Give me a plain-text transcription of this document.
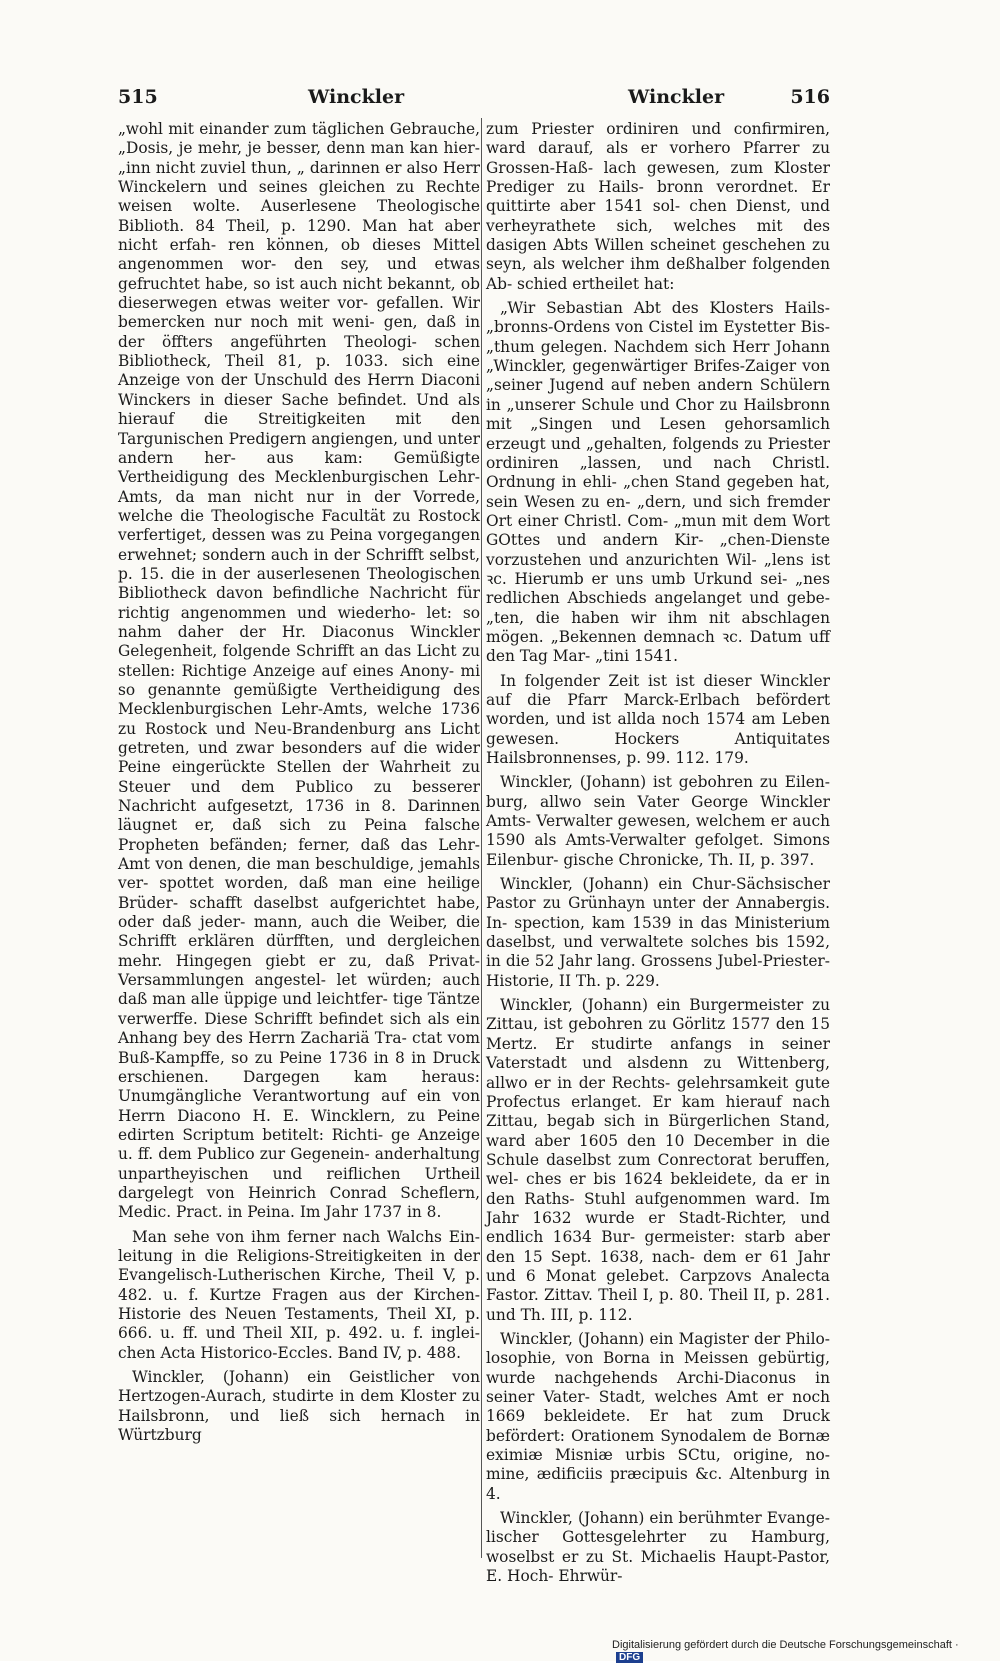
515	Winckler	Winckler	516

„wohl mit einander zum täglichen Gebrauche, „Dosis, je mehr, je besser, denn man kan hier- „inn nicht zuviel thun, „ darinnen er also Herr Winckelern und seines gleichen zu Rechte weisen wolte. Auserlesene Theologische Biblioth. 84 Theil, p. 1290. Man hat aber nicht erfah- ren können, ob dieses Mittel angenommen wor- den sey, und etwas gefruchtet habe, so ist auch nicht bekannt, ob dieserwegen etwas weiter vor- gefallen. Wir bemercken nur noch mit weni- gen, daß in der öffters angeführten Theologi- schen Bibliotheck, Theil 81, p. 1033. sich eine Anzeige von der Unschuld des Herrn Diaconi Winckers in dieser Sache befindet. Und als hierauf die Streitigkeiten mit den Targunischen Predigern angiengen, und unter andern her- aus kam: Gemüßigte Vertheidigung des Mecklenburgischen Lehr-Amts, da man nicht nur in der Vorrede, welche die Theologische Facultät zu Rostock verfertiget, dessen was zu Peina vorgegangen erwehnet; sondern auch in der Schrifft selbst, p. 15. die in der auserlesenen Theologischen Bibliotheck davon befindliche Nachricht für richtig angenommen und wiederho- let: so nahm daher der Hr. Diaconus Winckler Gelegenheit, folgende Schrifft an das Licht zu stellen: Richtige Anzeige auf eines Anony- mi so genannte gemüßigte Vertheidigung des Mecklenburgischen Lehr-Amts, welche 1736 zu Rostock und Neu-Brandenburg ans Licht getreten, und zwar besonders auf die wider Peine eingerückte Stellen der Wahrheit zu Steuer und dem Publico zu besserer Nachricht aufgesetzt, 1736 in 8. Darinnen läugnet er, daß sich zu Peina falsche Propheten befänden; ferner, daß das Lehr-Amt von denen, die man beschuldige, jemahls ver- spottet worden, daß man eine heilige Brüder- schafft daselbst aufgerichtet habe, oder daß jeder- mann, auch die Weiber, die Schrifft erklären dürfften, und dergleichen mehr. Hingegen giebt er zu, daß Privat-Versammlungen angestel- let würden; auch daß man alle üppige und leichtfer- tige Täntze verwerffe. Diese Schrifft befindet sich als ein Anhang bey des Herrn Zachariä Tra- ctat vom Buß-Kampffe, so zu Peine 1736 in 8 in Druck erschienen. Dargegen kam heraus: Unumgängliche Verantwortung auf ein von Herrn Diacono H. E. Wincklern, zu Peine edirten Scriptum betitelt: Richti- ge Anzeige u. ff. dem Publico zur Gegenein- anderhaltung unpartheyischen und reiflichen Urtheil dargelegt von Heinrich Conrad Scheflern, Medic. Pract. in Peina. Im Jahr 1737 in 8.

Man sehe von ihm ferner nach Walchs Ein- leitung in die Religions-Streitigkeiten in der Evangelisch-Lutherischen Kirche, Theil V, p. 482. u. f. Kurtze Fragen aus der Kirchen- Historie des Neuen Testaments, Theil XI, p. 666. u. ff. und Theil XII, p. 492. u. f. inglei- chen Acta Historico-Eccles. Band IV, p. 488.

Winckler, (Johann) ein Geistlicher von Hertzogen-Aurach, studirte in dem Kloster zu Hailsbronn, und ließ sich hernach in Würtzburg

zum Priester ordiniren und confirmiren, ward darauf, als er vorhero Pfarrer zu Grossen-Haß- lach gewesen, zum Kloster Prediger zu Hails- bronn verordnet. Er quittirte aber 1541 sol- chen Dienst, und verheyrathete sich, welches mit des dasigen Abts Willen scheinet geschehen zu seyn, als welcher ihm deßhalber folgenden Ab- schied ertheilet hat:

„Wir Sebastian Abt des Klosters Hails- „bronns-Ordens von Cistel im Eystetter Bis- „thum gelegen. Nachdem sich Herr Johann „Winckler, gegenwärtiger Brifes-Zaiger von „seiner Jugend auf neben andern Schülern in „unserer Schule und Chor zu Hailsbronn mit „Singen und Lesen gehorsamlich erzeugt und „gehalten, folgends zu Priester ordiniren „lassen, und nach Christl. Ordnung in ehli- „chen Stand gegeben hat, sein Wesen zu en- „dern, und sich fremder Ort einer Christl. Com- „mun mit dem Wort GOttes und andern Kir- „chen-Dienste vorzustehen und anzurichten Wil- „lens ist ꝛc. Hierumb er uns umb Urkund sei- „nes redlichen Abschieds angelanget und gebe- „ten, die haben wir ihm nit abschlagen mögen. „Bekennen demnach ꝛc. Datum uff den Tag Mar- „tini 1541.

In folgender Zeit ist ist dieser Winckler auf die Pfarr Marck-Erlbach befördert worden, und ist allda noch 1574 am Leben gewesen. Hockers Antiquitates Hailsbronnenses, p. 99. 112. 179.

Winckler, (Johann) ist gebohren zu Eilen- burg, allwo sein Vater George Winckler Amts- Verwalter gewesen, welchem er auch 1590 als Amts-Verwalter gefolget. Simons Eilenbur- gische Chronicke, Th. II, p. 397.

Winckler, (Johann) ein Chur-Sächsischer Pastor zu Grünhayn unter der Annabergis. In- spection, kam 1539 in das Ministerium daselbst, und verwaltete solches bis 1592, in die 52 Jahr lang. Grossens Jubel-Priester-Historie, II Th. p. 229.

Winckler, (Johann) ein Burgermeister zu Zittau, ist gebohren zu Görlitz 1577 den 15 Mertz. Er studirte anfangs in seiner Vaterstadt und alsdenn zu Wittenberg, allwo er in der Rechts- gelehrsamkeit gute Profectus erlanget. Er kam hierauf nach Zittau, begab sich in Bürgerlichen Stand, ward aber 1605 den 10 December in die Schule daselbst zum Conrectorat beruffen, wel- ches er bis 1624 bekleidete, da er in den Raths- Stuhl aufgenommen ward. Im Jahr 1632 wurde er Stadt-Richter, und endlich 1634 Bur- germeister: starb aber den 15 Sept. 1638, nach- dem er 61 Jahr und 6 Monat gelebet. Carpzovs Analecta Fastor. Zittav. Theil I, p. 80. Theil II, p. 281. und Th. III, p. 112.

Winckler, (Johann) ein Magister der Philo- losophie, von Borna in Meissen gebürtig, wurde nachgehends Archi-Diaconus in seiner Vater- Stadt, welches Amt er noch 1669 bekleidete. Er hat zum Druck befördert: Orationem Synodalem de Bornæ eximiæ Misniæ urbis SCtu, origine, no- mine, ædificiis præcipuis &c. Altenburg in 4.

Winckler, (Johann) ein berühmter Evange- lischer Gottesgelehrter zu Hamburg, woselbst er zu St. Michaelis Haupt-Pastor, E. Hoch- Ehrwür-

Digitalisierung gefördert durch die Deutsche Forschungsgemeinschaft · DFG
